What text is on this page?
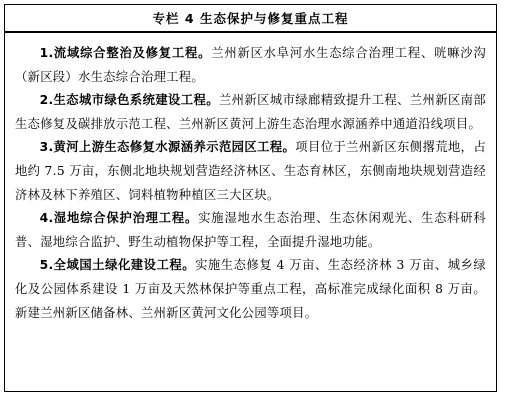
专栏 4 生态保护与修复重点工程

1.流域综合整治及修复工程。兰州新区水阜河水生态综合治理工程、咣嘛沙沟（新区段）水生态综合治理工程。

2.生态城市绿色系统建设工程。兰州新区城市绿廊精致提升工程、兰州新区南部生态修复及碳排放示范工程、兰州新区黄河上游生态治理水源涵养中通道沿线项目。

3.黄河上游生态修复水源涵养示范园区工程。项目位于兰州新区东侧撂荒地，占地约 7.5 万亩，东侧北地块规划营造经济林区、生态育林区，东侧南地块规划营造经济林及林下养殖区、饲料植物种植区三大区块。

4.湿地综合保护治理工程。实施湿地水生态治理、生态休闲观光、生态科研科普、湿地综合监护、野生动植物保护等工程，全面提升湿地功能。

5.全域国土绿化建设工程。实施生态修复 4 万亩、生态经济林 3 万亩、城乡绿化及公园体系建设 1 万亩及天然林保护等重点工程，高标准完成绿化面积 8 万亩。新建兰州新区储备林、兰州新区黄河文化公园等项目。
